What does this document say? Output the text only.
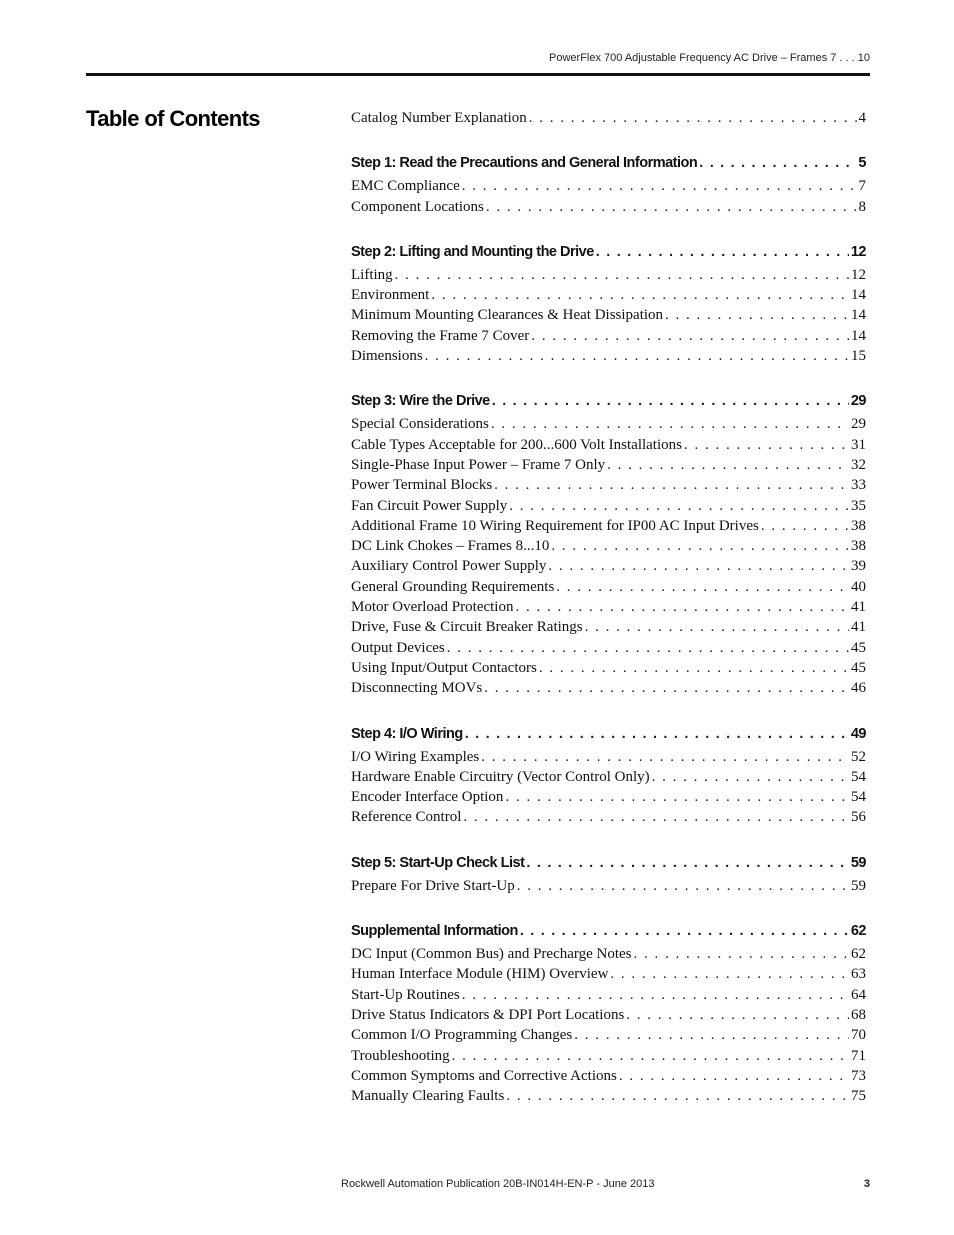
PowerFlex 700 Adjustable Frequency AC Drive – Frames 7 . . . 10
Table of Contents	Catalog Number Explanation . . .	4
Step 1: Read the Precautions and General Information . . .	5
EMC Compliance . . .	7
Component Locations . . .	8
Step 2: Lifting and Mounting the Drive . . .	12
Lifting . . .	12
Environment . . .	14
Minimum Mounting Clearances & Heat Dissipation . . .	14
Removing the Frame 7 Cover . . .	14
Dimensions . . .	15
Step 3: Wire the Drive . . .	29
Special Considerations . . .	29
Cable Types Acceptable for 200...600 Volt Installations . . .	31
Single-Phase Input Power – Frame 7 Only . . .	32
Power Terminal Blocks . . .	33
Fan Circuit Power Supply . . .	35
Additional Frame 10 Wiring Requirement for IP00 AC Input Drives . . .	38
DC Link Chokes – Frames 8...10 . . .	38
Auxiliary Control Power Supply . . .	39
General Grounding Requirements . . .	40
Motor Overload Protection . . .	41
Drive, Fuse & Circuit Breaker Ratings . . .	41
Output Devices . . .	45
Using Input/Output Contactors . . .	45
Disconnecting MOVs . . .	46
Step 4: I/O Wiring . . .	49
I/O Wiring Examples . . .	52
Hardware Enable Circuitry (Vector Control Only) . . .	54
Encoder Interface Option . . .	54
Reference Control . . .	56
Step 5: Start-Up Check List . . .	59
Prepare For Drive Start-Up . . .	59
Supplemental Information . . .	62
DC Input (Common Bus) and Precharge Notes . . .	62
Human Interface Module (HIM) Overview . . .	63
Start-Up Routines . . .	64
Drive Status Indicators & DPI Port Locations . . .	68
Common I/O Programming Changes . . .	70
Troubleshooting . . .	71
Common Symptoms and Corrective Actions . . .	73
Manually Clearing Faults . . .	75
Rockwell Automation Publication 20B-IN014H-EN-P - June 2013	3
